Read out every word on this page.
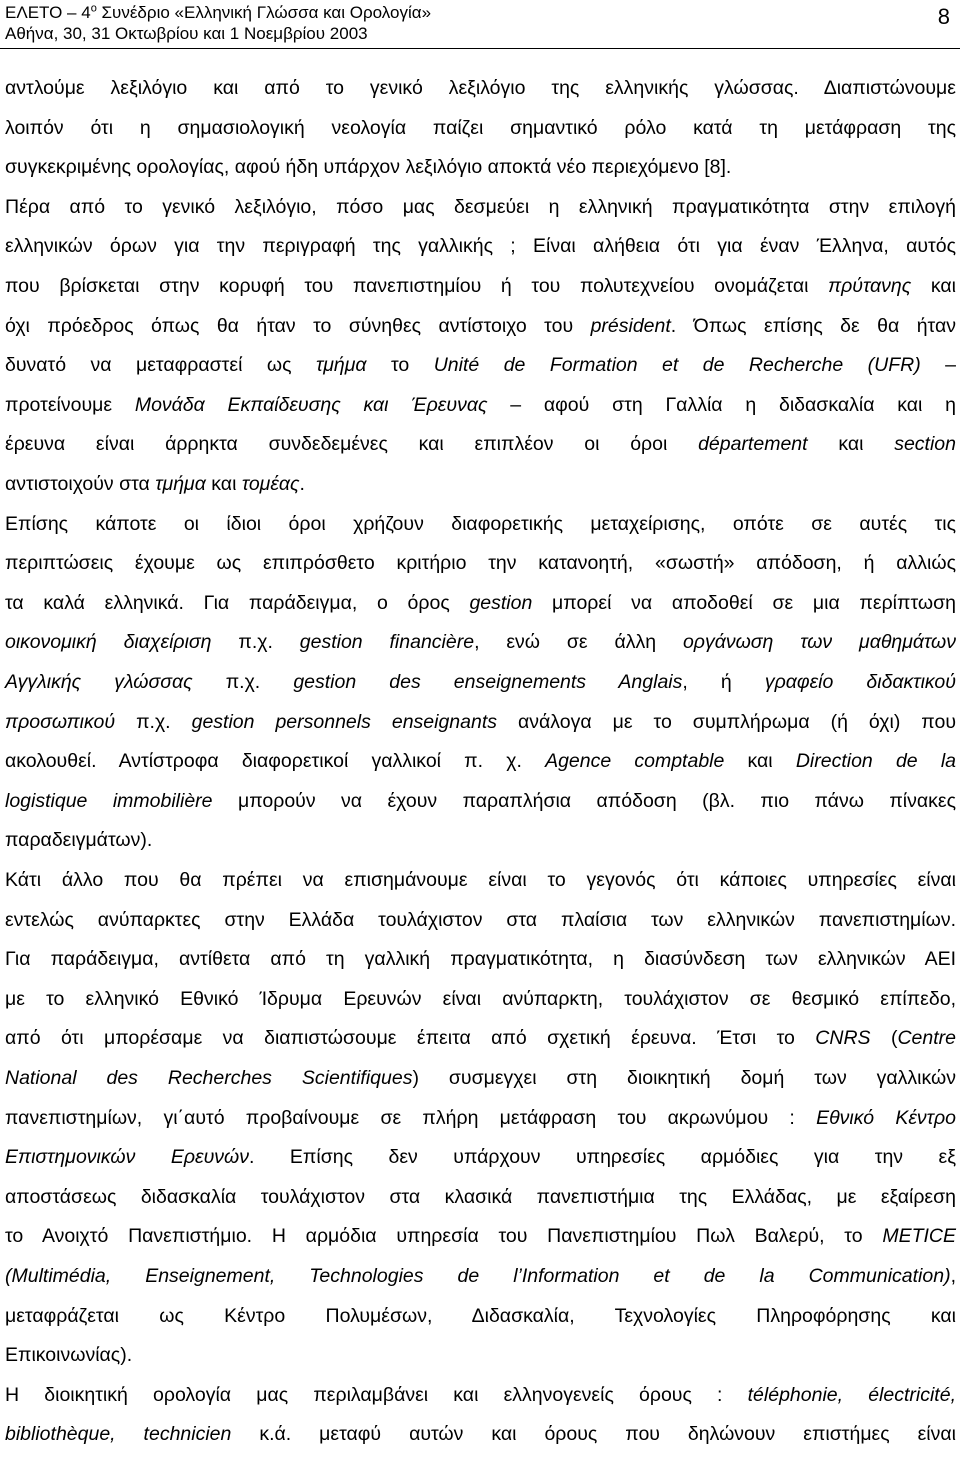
ΕΛΕΤΟ – $4^o$ Συνέδριο «Ελληνική Γλώσσα και Ορολογία»
Αθήνα, 30, 31 Οκτωβρίου και 1 Νοεμβρίου 2003
8
αντλούμε λεξιλόγιο και από το γενικό λεξιλόγιο της ελληνικής γλώσσας. Διαπιστώνουμε
λοιπόν ότι η σημασιολογική νεολογία παίζει σημαντικό ρόλο κατά τη μετάφραση της
συγκεκριμένης ορολογίας, αφού ήδη υπάρχον λεξιλόγιο αποκτά νέο περιεχόμενο [8].
Πέρα από το γενικό λεξιλόγιο, πόσο μας δεσμεύει η ελληνική πραγματικότητα στην επιλογή
ελληνικών όρων για την περιγραφή της γαλλικής ; Είναι αλήθεια ότι για έναν Έλληνα, αυτός
που βρίσκεται στην κορυφή του πανεπιστημίου ή του πολυτεχνείου ονομάζεται πρύτανης και
όχι πρόεδρος όπως θα ήταν το σύνηθες αντίστοιχο του président. Όπως επίσης δε θα ήταν
δυνατό να μεταφραστεί ως τμήμα το Unité de Formation et de Recherche (UFR) –
προτείνουμε Μονάδα Εκπαίδευσης και Έρευνας – αφού στη Γαλλία η διδασκαλία και η
έρευνα είναι άρρηκτα συνδεδεμένες και επιπλέον οι όροι département και section
αντιστοιχούν στα τμήμα και τομέας.
Επίσης κάποτε οι ίδιοι όροι χρήζουν διαφορετικής μεταχείρισης, οπότε σε αυτές τις
περιπτώσεις έχουμε ως επιπρόσθετο κριτήριο την κατανοητή, «σωστή» απόδοση, ή αλλιώς
τα καλά ελληνικά. Για παράδειγμα, ο όρος gestion μπορεί να αποδοθεί σε μια περίπτωση
οικονομική διαχείριση π.χ. gestion financière, ενώ σε άλλη οργάνωση των μαθημάτων
Αγγλικής γλώσσας π.χ. gestion des enseignements Anglais, ή γραφείο διδακτικού
προσωπικού π.χ. gestion personnels enseignants ανάλογα με το συμπλήρωμα (ή όχι) που
ακολουθεί. Αντίστροφα διαφορετικοί γαλλικοί π. χ. Agence comptable και Direction de la
logistique immobilière μπορούν να έχουν παραπλήσια απόδοση (βλ. πιο πάνω πίνακες
παραδειγμάτων).
Κάτι άλλο που θα πρέπει να επισημάνουμε είναι το γεγονός ότι κάποιες υπηρεσίες είναι
εντελώς ανύπαρκτες στην Ελλάδα τουλάχιστον στα πλαίσια των ελληνικών πανεπιστημίων.
Για παράδειγμα, αντίθετα από τη γαλλική πραγματικότητα, η διασύνδεση των ελληνικών ΑΕΙ
με το ελληνικό Εθνικό Ίδρυμα Ερευνών είναι ανύπαρκτη, τουλάχιστον σε θεσμικό επίπεδο,
από ότι μπορέσαμε να διαπιστώσουμε έπειτα από σχετική έρευνα. Έτσι το CNRS (Centre
National des Recherches Scientifiques) συσμεγχει στη διοικητική δομή των γαλλικών
πανεπιστημίων, γι΄αυτό προβαίνουμε σε πλήρη μετάφραση του ακρωνύμου : Εθνικό Κέντρο
Επιστημονικών Ερευνών. Επίσης δεν υπάρχουν υπηρεσίες αρμόδιες για την εξ
αποστάσεως διδασκαλία τουλάχιστον στα κλασικά πανεπιστήμια της Ελλάδας, με εξαίρεση
το Ανοιχτό Πανεπιστήμιο. Η αρμόδια υπηρεσία του Πανεπιστημίου Πωλ Βαλερύ, το METICE
(Multimédia, Enseignement, Technologies de l’Information et de la Communication),
μεταφράζεται ως Κέντρο Πολυμέσων, Διδασκαλία, Τεχνολογίες Πληροφόρησης και
Επικοινωνίας).
Η διοικητική ορολογία μας περιλαμβάνει και ελληνογενείς όρους : téléphonie, électricité,
bibliothèque, technicien κ.ά. μεταφύ αυτών και όρους που δηλώνουν επιστήμες είναι
